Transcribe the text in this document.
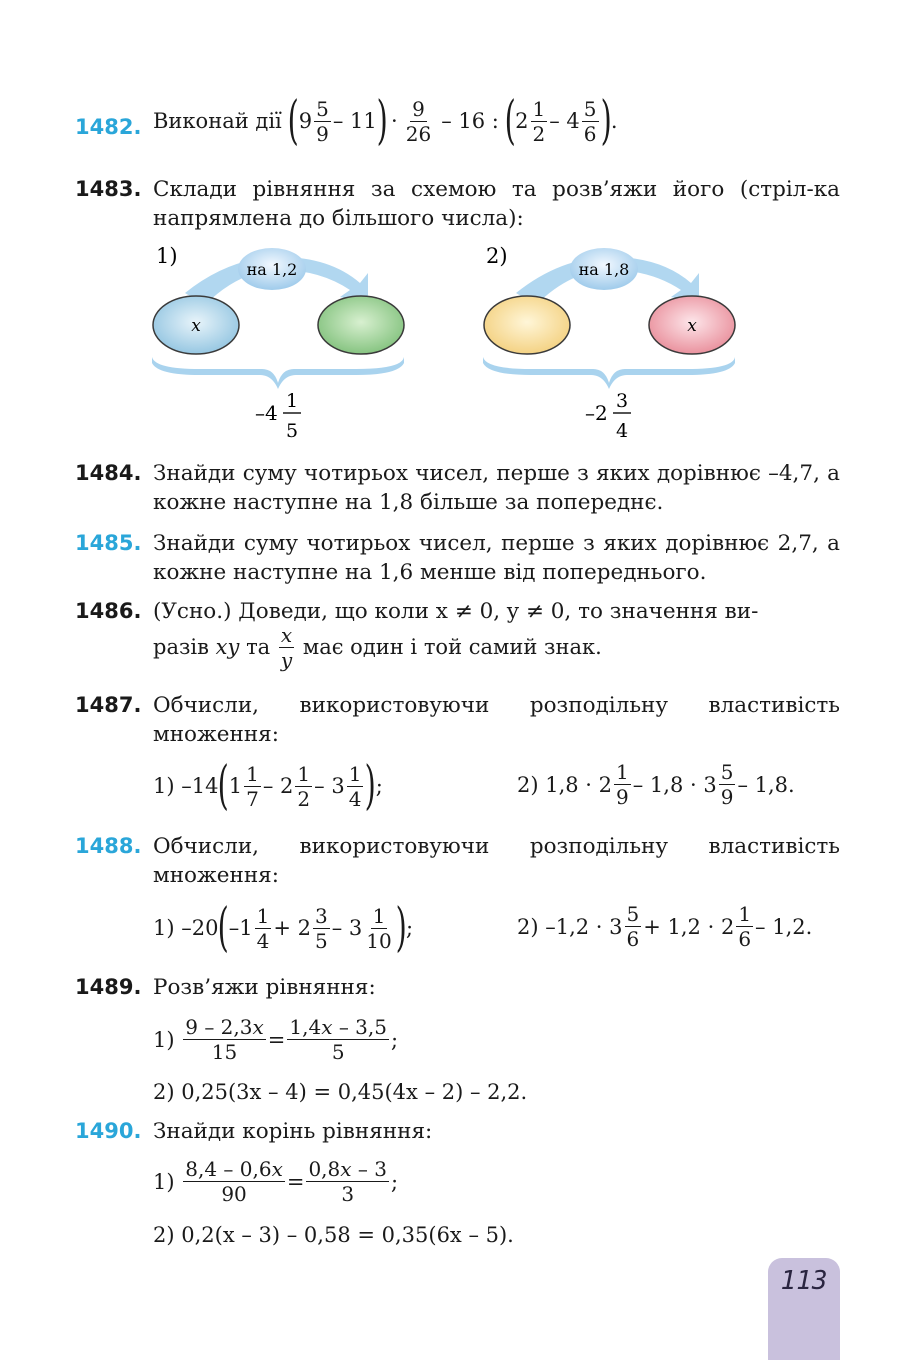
1482. Виконай дії
( $9 \frac{5}{9} - 11$ ) · $\frac{9}{26} - 16$ : ( $2 \frac{1}{2} - 4 \frac{5}{6}$ ) .
1483. Склади рівняння за схемою та розв’яжи його (стріл-ка напрямлена до більшого числа):
на 1,2
x
1)
–4 1
5
на 1,8
x
2)
–2 3
4
1484. Знайди суму чотирьох чисел, перше з яких дорівнює –4,7, а кожне наступне на 1,8 більше за попереднє.
1485. Знайди суму чотирьох чисел, перше з яких дорівнює 2,7, а кожне наступне на 1,6 менше від попереднього.
1486. (Усно.) Доведи, що коли x ≠ 0, y ≠ 0, то значення ви-
разів
xy
та
$\frac{x}{y}$
має один і той самий знак.
1487. Обчисли, використовуючи розподільну властивість множення:
1) –14 ( $1 \frac{1}{7} - 2 \frac{1}{2} - 3 \frac{1}{4}$ ) ;	2) $1,8 \cdot 2 \frac{1}{9} - 1,8 \cdot 3 \frac{5}{9} - 1,8$.
1488. Обчисли, використовуючи розподільну властивість множення:
1) –20 ( $-1 \frac{1}{4} + 2 \frac{3}{5} - 3 \frac{1}{10}$ ) ;	2) $-1,2 \cdot 3 \frac{5}{6} + 1,2 \cdot 2 \frac{1}{6} - 1,2$.
1489. Розв’яжи рівняння:
$1) \frac{9 - 2,3x}{15} = \frac{1,4x - 3,5}{5}$ ;
2) 0,25(3x – 4) = 0,45(4x – 2) – 2,2.
1490. Знайди корінь рівняння:
$1) \frac{8,4 - 0,6x}{90} = \frac{0,8x - 3}{3}$ ;
2) 0,2(x – 3) – 0,58 = 0,35(6x – 5).
113
